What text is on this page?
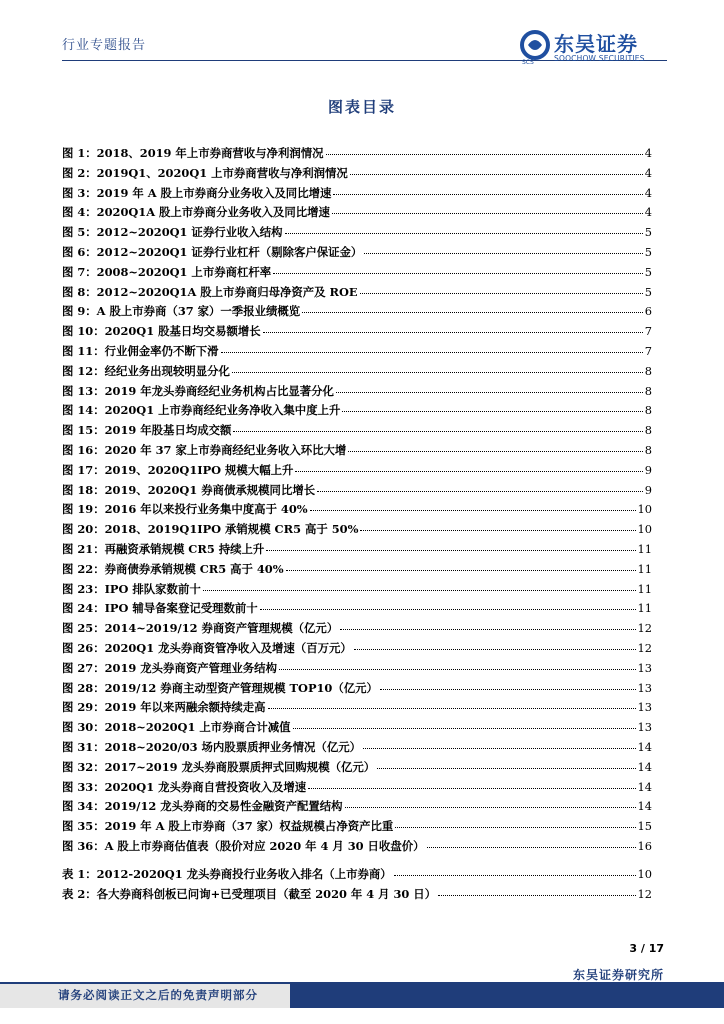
行业专题报告	东吴证券
SOOCHOW SECURITIES
SCS
图表目录
图 1：2018、2019 年上市券商营收与净利润情况	4
图 2：2019Q1、2020Q1 上市券商营收与净利润情况	4
图 3：2019 年 A 股上市券商分业务收入及同比增速	4
图 4：2020Q1A 股上市券商分业务收入及同比增速	4
图 5：2012~2020Q1 证券行业收入结构	5
图 6：2012~2020Q1 证券行业杠杆（剔除客户保证金）	5
图 7：2008~2020Q1 上市券商杠杆率	5
图 8：2012~2020Q1A 股上市券商归母净资产及 ROE	5
图 9：A 股上市券商（37 家）一季报业绩概览	6
图 10：2020Q1 股基日均交易额增长	7
图 11：行业佣金率仍不断下滑	7
图 12：经纪业务出现较明显分化	8
图 13：2019 年龙头券商经纪业务机构占比显著分化	8
图 14：2020Q1 上市券商经纪业务净收入集中度上升	8
图 15：2019 年股基日均成交额	8
图 16：2020 年 37 家上市券商经纪业务收入环比大增	8
图 17：2019、2020Q1IPO 规模大幅上升	9
图 18：2019、2020Q1 券商债承规模同比增长	9
图 19：2016 年以来投行业务集中度高于 40%	10
图 20：2018、2019Q1IPO 承销规模 CR5 高于 50%	10
图 21：再融资承销规模 CR5 持续上升	11
图 22：券商债券承销规模 CR5 高于 40%	11
图 23：IPO 排队家数前十	11
图 24：IPO 辅导备案登记受理数前十	11
图 25：2014~2019/12 券商资产管理规模（亿元）	12
图 26：2020Q1 龙头券商资管净收入及增速（百万元）	12
图 27：2019 龙头券商资产管理业务结构	13
图 28：2019/12 券商主动型资产管理规模 TOP10（亿元）	13
图 29：2019 年以来两融余额持续走高	13
图 30：2018~2020Q1 上市券商合计减值	13
图 31：2018~2020/03 场内股票质押业务情况（亿元）	14
图 32：2017~2019 龙头券商股票质押式回购规模（亿元）	14
图 33：2020Q1 龙头券商自营投资收入及增速	14
图 34：2019/12 龙头券商的交易性金融资产配置结构	14
图 35：2019 年 A 股上市券商（37 家）权益规模占净资产比重	15
图 36：A 股上市券商估值表（股价对应 2020 年 4 月 30 日收盘价）	16
表 1：2012-2020Q1 龙头券商投行业务收入排名（上市券商）	10
表 2：各大券商科创板已问询+已受理项目（截至 2020 年 4 月 30 日）	12
3 / 17
东吴证券研究所
请务必阅读正文之后的免责声明部分
